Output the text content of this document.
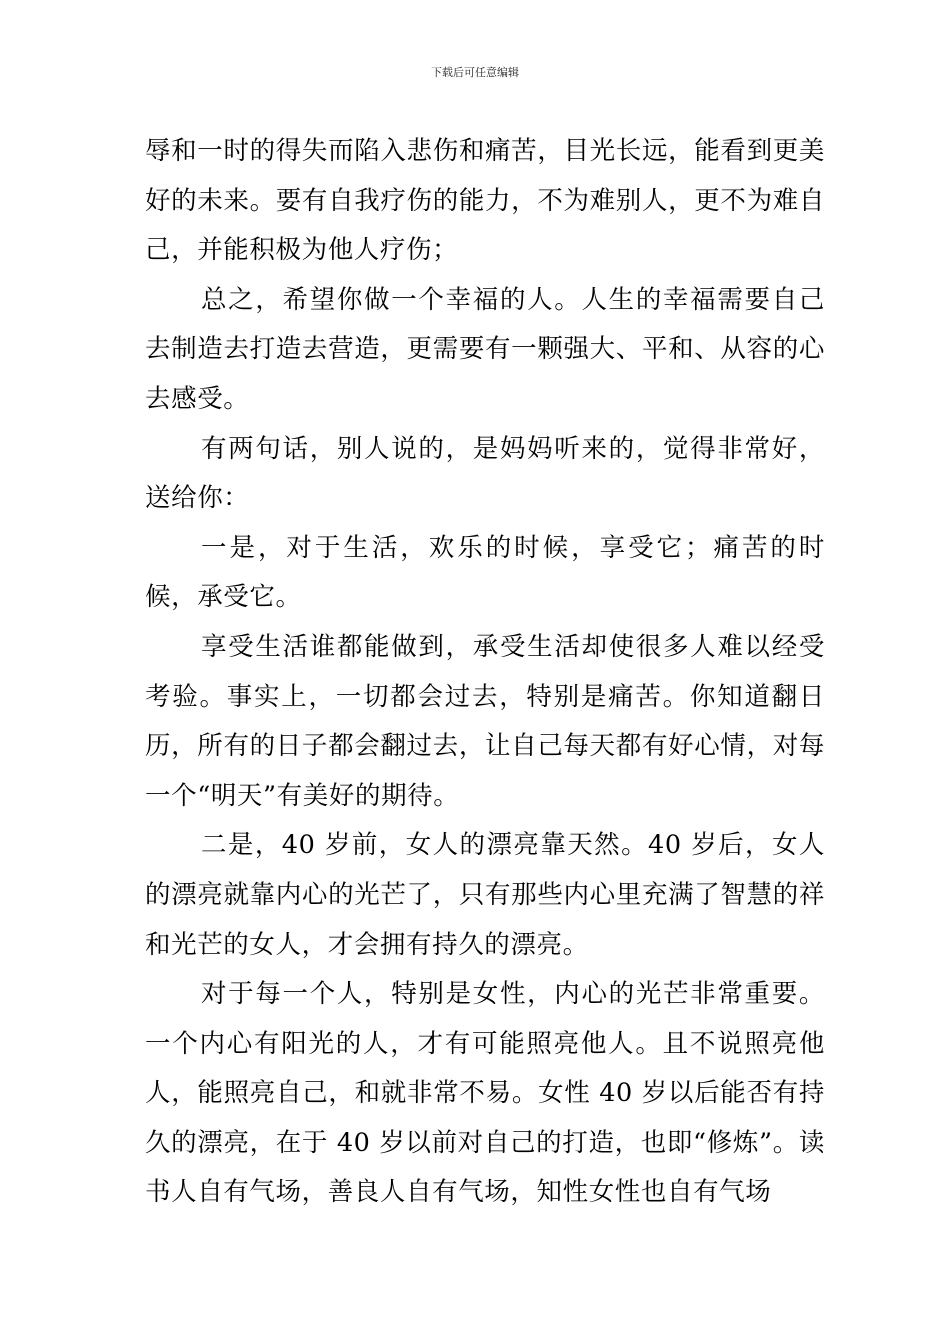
下载后可任意编辑

辱和一时的得失而陷入悲伤和痛苦，目光长远，能看到更美好的未来。要有自我疗伤的能力，不为难别人，更不为难自己，并能积极为他人疗伤；

总之，希望你做一个幸福的人。人生的幸福需要自己去制造去打造去营造，更需要有一颗强大、平和、从容的心去感受。

有两句话，别人说的，是妈妈听来的，觉得非常好，送给你：

一是，对于生活，欢乐的时候，享受它；痛苦的时候，承受它。

享受生活谁都能做到，承受生活却使很多人难以经受考验。事实上，一切都会过去，特别是痛苦。你知道翻日历，所有的日子都会翻过去，让自己每天都有好心情，对每一个“明天”有美好的期待。

二是，40 岁前，女人的漂亮靠天然。40 岁后，女人的漂亮就靠内心的光芒了，只有那些内心里充满了智慧的祥和光芒的女人，才会拥有持久的漂亮。

对于每一个人，特别是女性，内心的光芒非常重要。一个内心有阳光的人，才有可能照亮他人。且不说照亮他人，能照亮自己，和就非常不易。女性 40 岁以后能否有持久的漂亮，在于 40 岁以前对自己的打造，也即“修炼”。读书人自有气场，善良人自有气场，知性女性也自有气场
